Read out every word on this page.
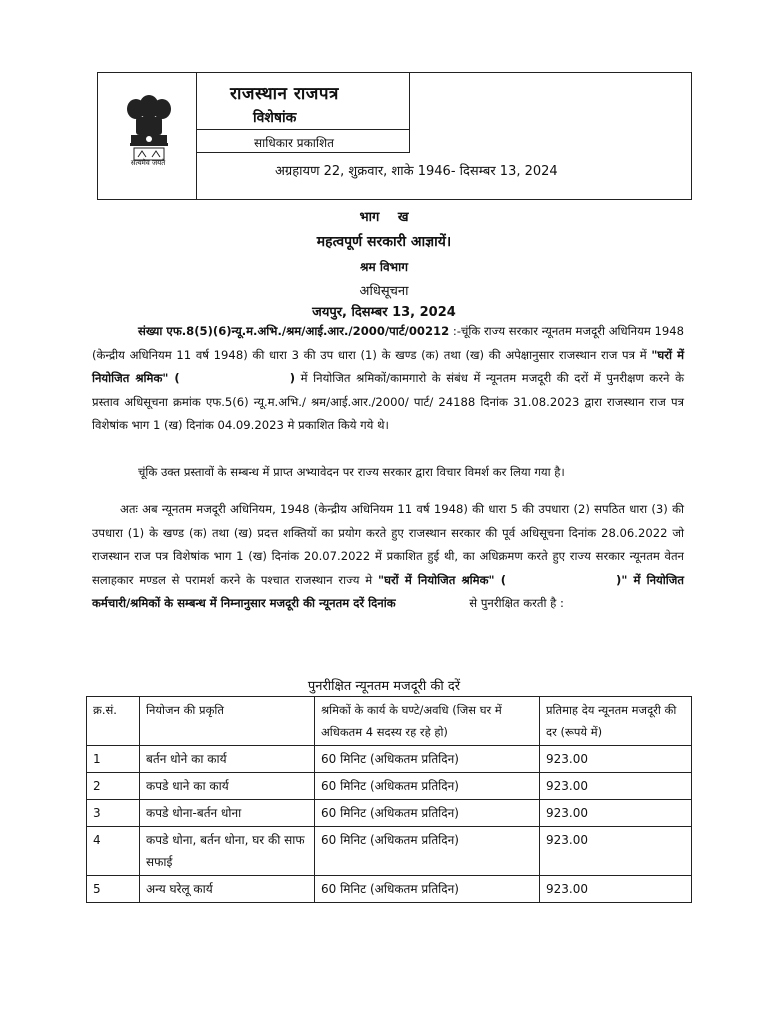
सत्यमेव जयते
राजस्थान राजपत्र
विशेषांक
साधिकार प्रकाशित
अग्रहायण 22, शुक्रवार, शाके 1946- दिसम्बर 13, 2024
भाग ख
महत्वपूर्ण सरकारी आज्ञायें।
श्रम विभाग
अधिसूचना
जयपुर, दिसम्बर 13, 2024
संख्या एफ.8(5)(6)न्यू.म.अभि./श्रम/आई.आर./2000/पार्ट/00212 :-चूंकि राज्य सरकार न्यूनतम मजदूरी अधिनियम 1948 (केन्द्रीय अधिनियम 11 वर्ष 1948) की धारा 3 की उप धारा (1) के खण्ड (क) तथा (ख) की अपेक्षानुसार राजस्थान राज पत्र में "घरों में नियोजित श्रमिक" (	) में नियोजित श्रमिकों/कामगारो के संबंध में न्यूनतम मजदूरी की दरों में पुनरीक्षण करने के प्रस्ताव अधिसूचना क्रमांक एफ.5(6) न्यू.म.अभि./ श्रम/आई.आर./2000/ पार्ट/ 24188 दिनांक 31.08.2023 द्वारा राजस्थान राज पत्र विशेषांक भाग 1 (ख) दिनांक 04.09.2023 मे प्रकाशित किये गये थे।
चूंकि उक्त प्रस्तावों के सम्बन्ध में प्राप्त अभ्यावेदन पर राज्य सरकार द्वारा विचार विमर्श कर लिया गया है।
अतः अब न्यूनतम मजदूरी अधिनियम, 1948 (केन्द्रीय अधिनियम 11 वर्ष 1948) की धारा 5 की उपधारा (2) सपठित धारा (3) की उपधारा (1) के खण्ड (क) तथा (ख) प्रदत्त शक्तियों का प्रयोग करते हुए राजस्थान सरकार की पूर्व अधिसूचना दिनांक 28.06.2022 जो राजस्थान राज पत्र विशेषांक भाग 1 (ख) दिनांक 20.07.2022 में प्रकाशित हुई थी, का अधिक्रमण करते हुए राज्य सरकार न्यूनतम वेतन सलाहकार मण्डल से परामर्श करने के पश्चात राजस्थान राज्य मे "घरों में नियोजित श्रमिक" (	)" में नियोजित कर्मचारी/श्रमिकों के सम्बन्ध में निम्नानुसार मजदूरी की न्यूनतम दरें दिनांक	से पुनरीक्षित करती है :
पुनरीक्षित न्यूनतम मजदूरी की दरें
क्र.सं.	नियोजन की प्रकृति	श्रमिकों के कार्य के घण्टे/अवधि (जिस घर में अधिकतम 4 सदस्य रह रहे हो)	प्रतिमाह देय न्यूनतम मजदूरी की दर (रूपये में)
1	बर्तन धोने का कार्य	60 मिनिट (अधिकतम प्रतिदिन)	923.00
2	कपडे धाने का कार्य	60 मिनिट (अधिकतम प्रतिदिन)	923.00
3	कपडे धोना-बर्तन धोना	60 मिनिट (अधिकतम प्रतिदिन)	923.00
4	कपडे धोना, बर्तन धोना, घर की साफ सफाई	60 मिनिट (अधिकतम प्रतिदिन)	923.00
5	अन्य घरेलू कार्य	60 मिनिट (अधिकतम प्रतिदिन)	923.00
